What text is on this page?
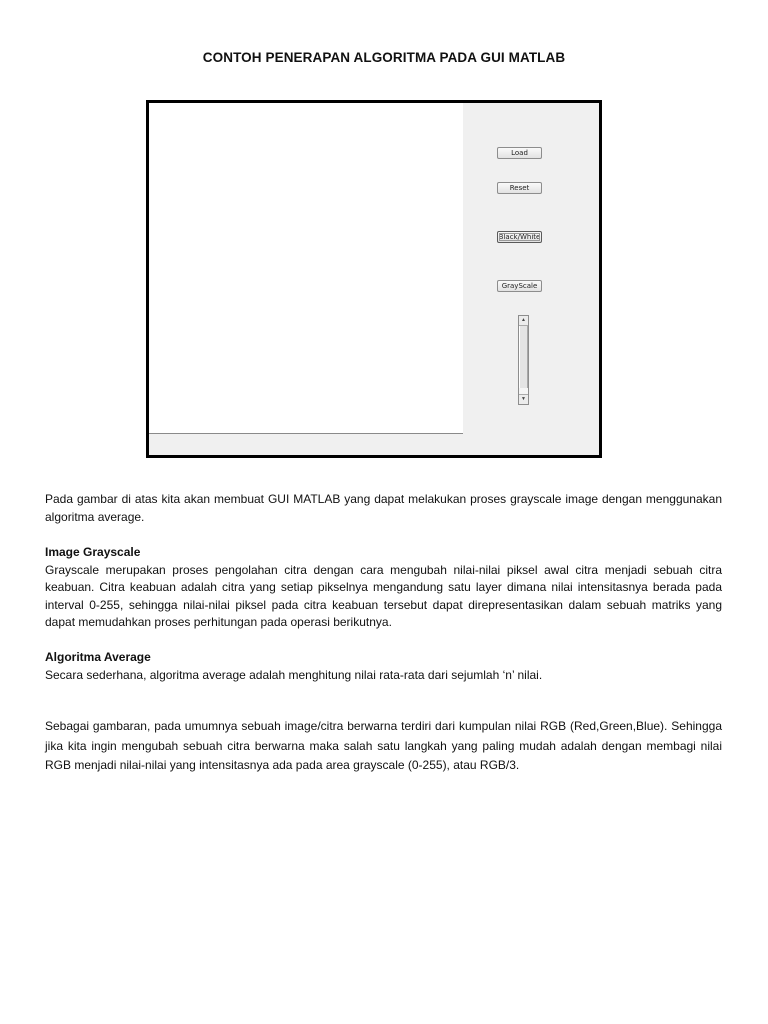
CONTOH PENERAPAN ALGORITMA PADA GUI MATLAB
Load
Reset
Black/White
GrayScale
▲
▼

Pada gambar di atas kita akan membuat GUI MATLAB yang dapat melakukan proses grayscale image dengan menggunakan algoritma average.

Image Grayscale

Grayscale merupakan proses pengolahan citra dengan cara mengubah nilai-nilai piksel awal citra menjadi sebuah citra keabuan. Citra keabuan adalah citra yang setiap pikselnya mengandung satu layer dimana nilai intensitasnya berada pada interval 0-255, sehingga nilai-nilai piksel pada citra keabuan tersebut dapat direpresentasikan dalam sebuah matriks yang dapat memudahkan proses perhitungan pada operasi berikutnya.

Algoritma Average

Secara sederhana, algoritma average adalah menghitung nilai rata-rata dari sejumlah ‘n’ nilai.

Sebagai gambaran, pada umumnya sebuah image/citra berwarna terdiri dari kumpulan nilai RGB (Red,Green,Blue). Sehingga jika kita ingin mengubah sebuah citra berwarna maka salah satu langkah yang paling mudah adalah dengan membagi nilai RGB menjadi nilai-nilai yang intensitasnya ada pada area grayscale (0-255), atau RGB/3.
